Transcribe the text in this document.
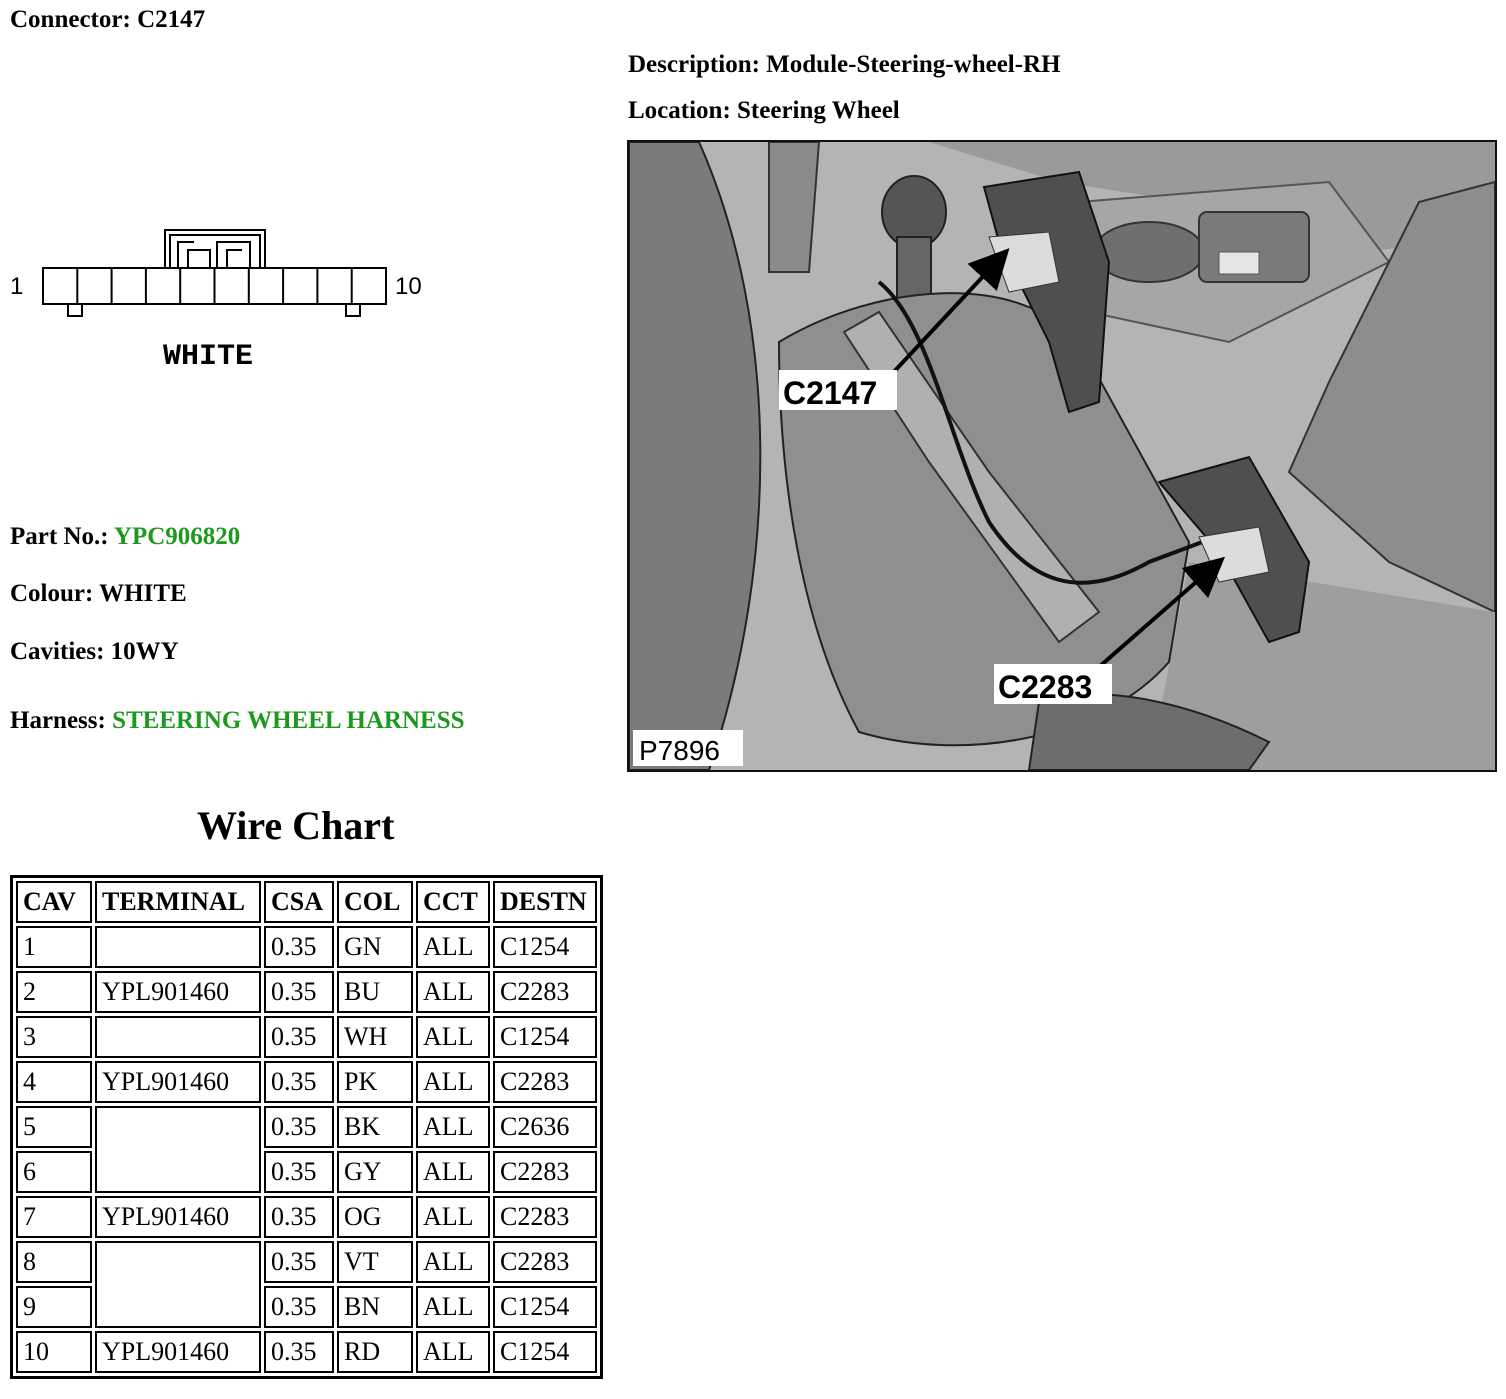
Connector: C2147
Description: Module-Steering-wheel-RH
Location: Steering Wheel
1	10
WHITE
Part No.: YPC906820
Colour: WHITE
Cavities: 10WY
Harness: STEERING WHEEL HARNESS
C2147
C2283
P7896
Wire Chart
CAV	TERMINAL	CSA	COL	CCT	DESTN
1		0.35	GN	ALL	C1254
2	YPL901460	0.35	BU	ALL	C2283
3		0.35	WH	ALL	C1254
4	YPL901460	0.35	PK	ALL	C2283
5		0.35	BK	ALL	C2636
6		0.35	GY	ALL	C2283
7	YPL901460	0.35	OG	ALL	C2283
8		0.35	VT	ALL	C2283
9		0.35	BN	ALL	C1254
10	YPL901460	0.35	RD	ALL	C1254
